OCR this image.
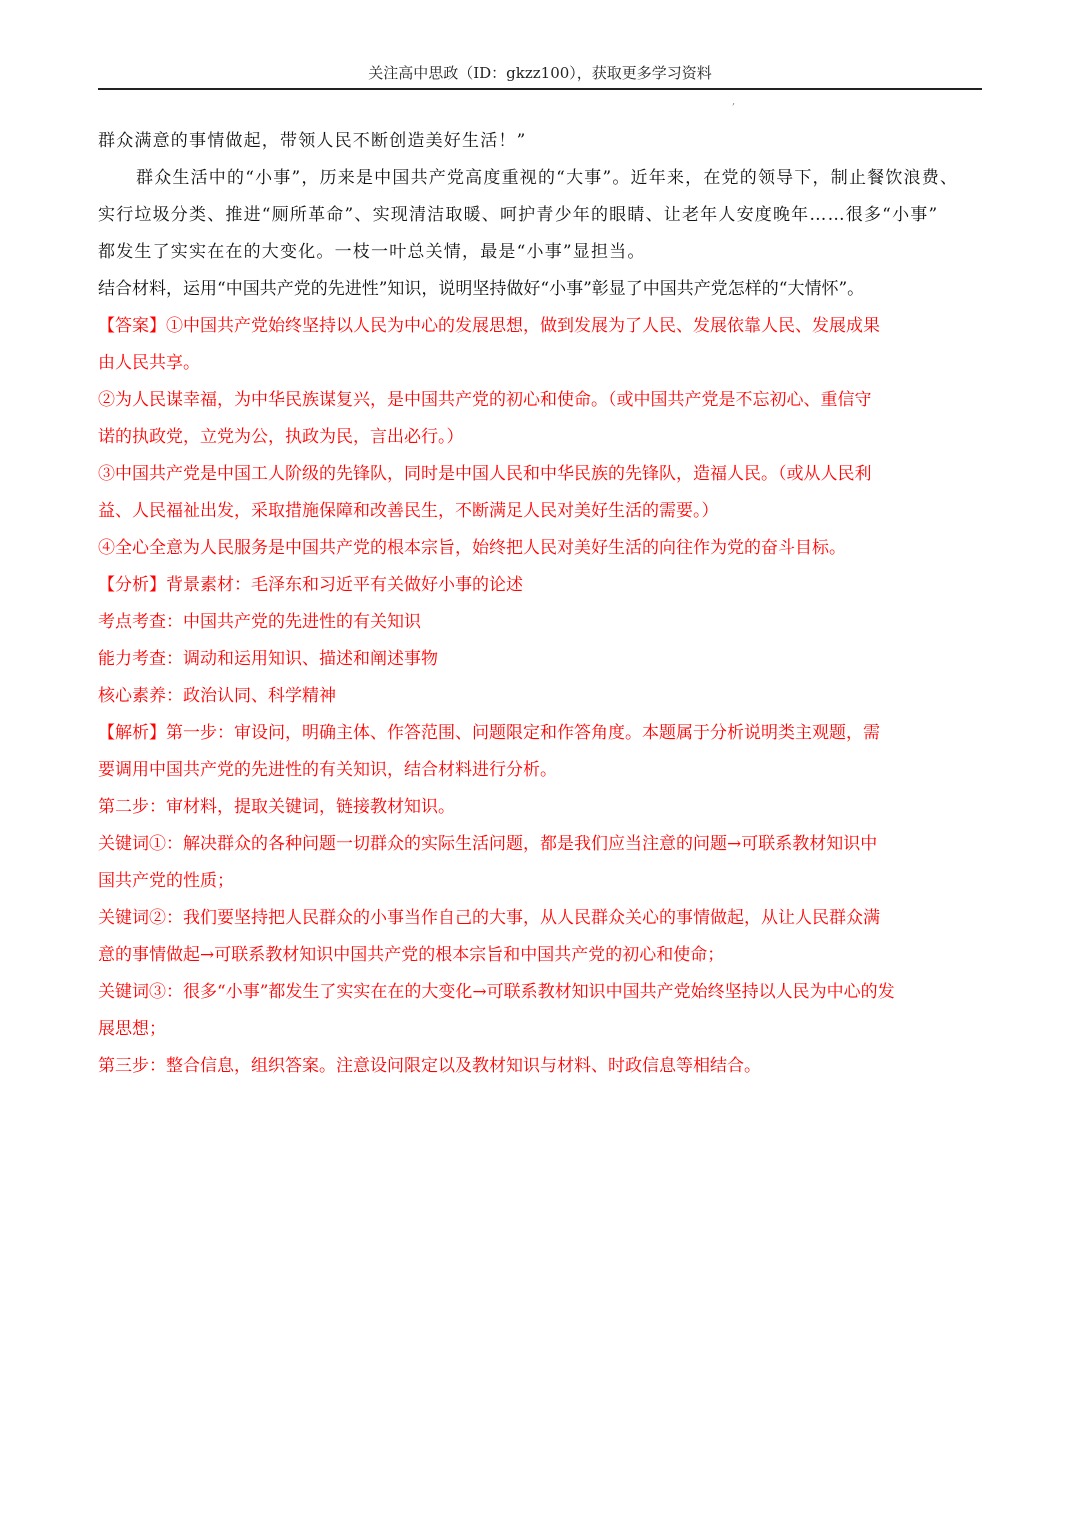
关注高中思政（ID：gkzz100），获取更多学习资料
,

群众满意的事情做起，带领人民不断创造美好生活！”

群众生活中的“小事”，历来是中国共产党高度重视的“大事”。近年来，在党的领导下，制止餐饮浪费、

实行垃圾分类、推进“厕所革命”、实现清洁取暖、呵护青少年的眼睛、让老年人安度晚年……很多“小事”

都发生了实实在在的大变化。一枝一叶总关情，最是“小事”显担当。

结合材料，运用“中国共产党的先进性”知识，说明坚持做好“小事”彰显了中国共产党怎样的“大情怀”。

【答案】①中国共产党始终坚持以人民为中心的发展思想，做到发展为了人民、发展依靠人民、发展成果

由人民共享。

②为人民谋幸福，为中华民族谋复兴，是中国共产党的初心和使命。（或中国共产党是不忘初心、重信守

诺的执政党，立党为公，执政为民，言出必行。）

③中国共产党是中国工人阶级的先锋队，同时是中国人民和中华民族的先锋队，造福人民。（或从人民利

益、人民福祉出发，采取措施保障和改善民生，不断满足人民对美好生活的需要。）

④全心全意为人民服务是中国共产党的根本宗旨，始终把人民对美好生活的向往作为党的奋斗目标。

【分析】背景素材：毛泽东和习近平有关做好小事的论述

考点考查：中国共产党的先进性的有关知识

能力考查：调动和运用知识、描述和阐述事物

核心素养：政治认同、科学精神

【解析】第一步：审设问，明确主体、作答范围、问题限定和作答角度。本题属于分析说明类主观题，需

要调用中国共产党的先进性的有关知识，结合材料进行分析。

第二步：审材料，提取关键词，链接教材知识。

关键词①：解决群众的各种问题一切群众的实际生活问题，都是我们应当注意的问题→可联系教材知识中

国共产党的性质；

关键词②：我们要坚持把人民群众的小事当作自己的大事，从人民群众关心的事情做起，从让人民群众满

意的事情做起→可联系教材知识中国共产党的根本宗旨和中国共产党的初心和使命；

关键词③：很多“小事”都发生了实实在在的大变化→可联系教材知识中国共产党始终坚持以人民为中心的发

展思想；

第三步：整合信息，组织答案。注意设问限定以及教材知识与材料、时政信息等相结合。
